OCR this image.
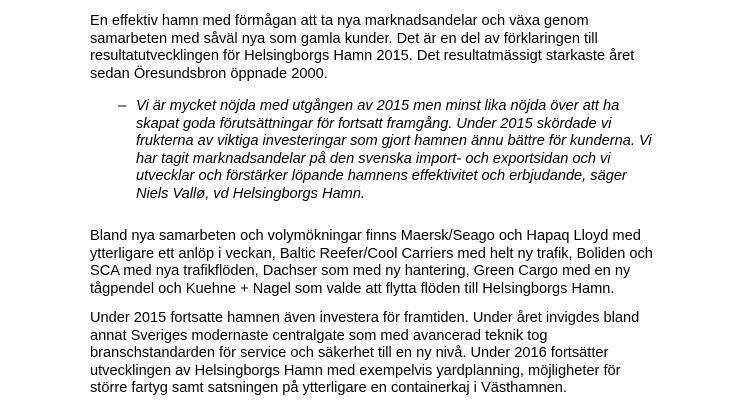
En effektiv hamn med förmågan att ta nya marknadsandelar och växa genom
samarbeten med såväl nya som gamla kunder. Det är en del av förklaringen till
resultatutvecklingen för Helsingborgs Hamn 2015. Det resultatmässigt starkaste året
sedan Öresundsbron öppnade 2000.

– Vi är mycket nöjda med utgången av 2015 men minst lika nöjda över att ha
skapat goda förutsättningar för fortsatt framgång. Under 2015 skördade vi
frukterna av viktiga investeringar som gjort hamnen ännu bättre för kunderna. Vi
har tagit marknadsandelar på den svenska import- och exportsidan och vi
utvecklar och förstärker löpande hamnens effektivitet och erbjudande, säger
Niels Vallø, vd Helsingborgs Hamn.

Bland nya samarbeten och volymökningar finns Maersk/Seago och Hapaq Lloyd med
ytterligare ett anlöp i veckan, Baltic Reefer/Cool Carriers med helt ny trafik, Boliden och
SCA med nya trafikflöden, Dachser som med ny hantering, Green Cargo med en ny
tågpendel och Kuehne + Nagel som valde att flytta flöden till Helsingborgs Hamn.

Under 2015 fortsatte hamnen även investera för framtiden. Under året invigdes bland
annat Sveriges modernaste centralgate som med avancerad teknik tog
branschstandarden för service och säkerhet till en ny nivå. Under 2016 fortsätter
utvecklingen av Helsingborgs Hamn med exempelvis yardplanning, möjligheter för
större fartyg samt satsningen på ytterligare en containerkaj i Västhamnen.
